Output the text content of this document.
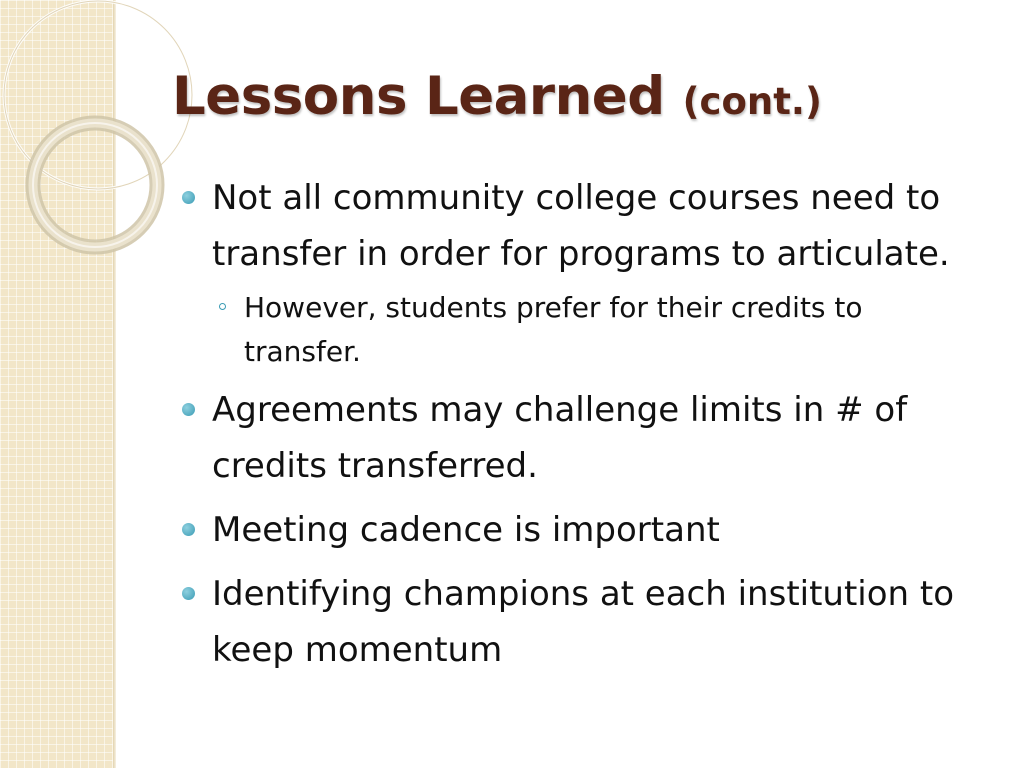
Lessons Learned (cont.)
Not all community college courses need to transfer in order for programs to articulate.
However, students prefer for their credits to transfer.
Agreements may challenge limits in # of credits transferred.
Meeting cadence is important
Identifying champions at each institution to keep momentum
